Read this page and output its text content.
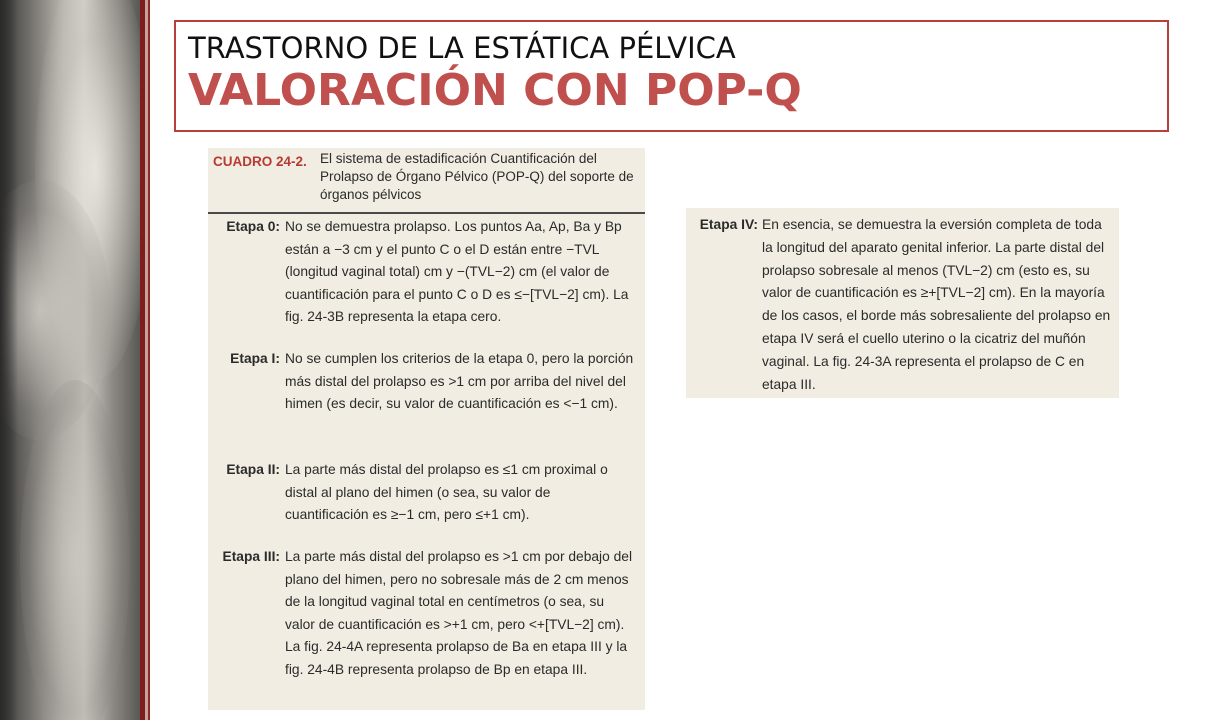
TRASTORNO DE LA ESTÁTICA PÉLVICA
VALORACIÓN CON POP-Q
CUADRO 24-2. El sistema de estadificación Cuantificación del Prolapso de Órgano Pélvico (POP-Q) del soporte de órganos pélvicos
Etapa 0: No se demuestra prolapso. Los puntos Aa, Ap, Ba y Bp están a −3 cm y el punto C o el D están entre −TVL (longitud vaginal total) cm y −(TVL−2) cm (el valor de cuantificación para el punto C o D es ≤−[TVL−2] cm). La fig. 24-3B representa la etapa cero.
Etapa I: No se cumplen los criterios de la etapa 0, pero la porción más distal del prolapso es >1 cm por arriba del nivel del himen (es decir, su valor de cuantificación es <−1 cm).
Etapa II: La parte más distal del prolapso es ≤1 cm proximal o distal al plano del himen (o sea, su valor de cuantificación es ≥−1 cm, pero ≤+1 cm).
Etapa III: La parte más distal del prolapso es >1 cm por debajo del plano del himen, pero no sobresale más de 2 cm menos de la longitud vaginal total en centímetros (o sea, su valor de cuantificación es >+1 cm, pero <+[TVL−2] cm). La fig. 24-4A representa prolapso de Ba en etapa III y la fig. 24-4B representa prolapso de Bp en etapa III.
Etapa IV: En esencia, se demuestra la eversión completa de toda la longitud del aparato genital inferior. La parte distal del prolapso sobresale al menos (TVL−2) cm (esto es, su valor de cuantificación es ≥+[TVL−2] cm). En la mayoría de los casos, el borde más sobresaliente del prolapso en etapa IV será el cuello uterino o la cicatriz del muñón vaginal. La fig. 24-3A representa el prolapso de C en etapa III.
